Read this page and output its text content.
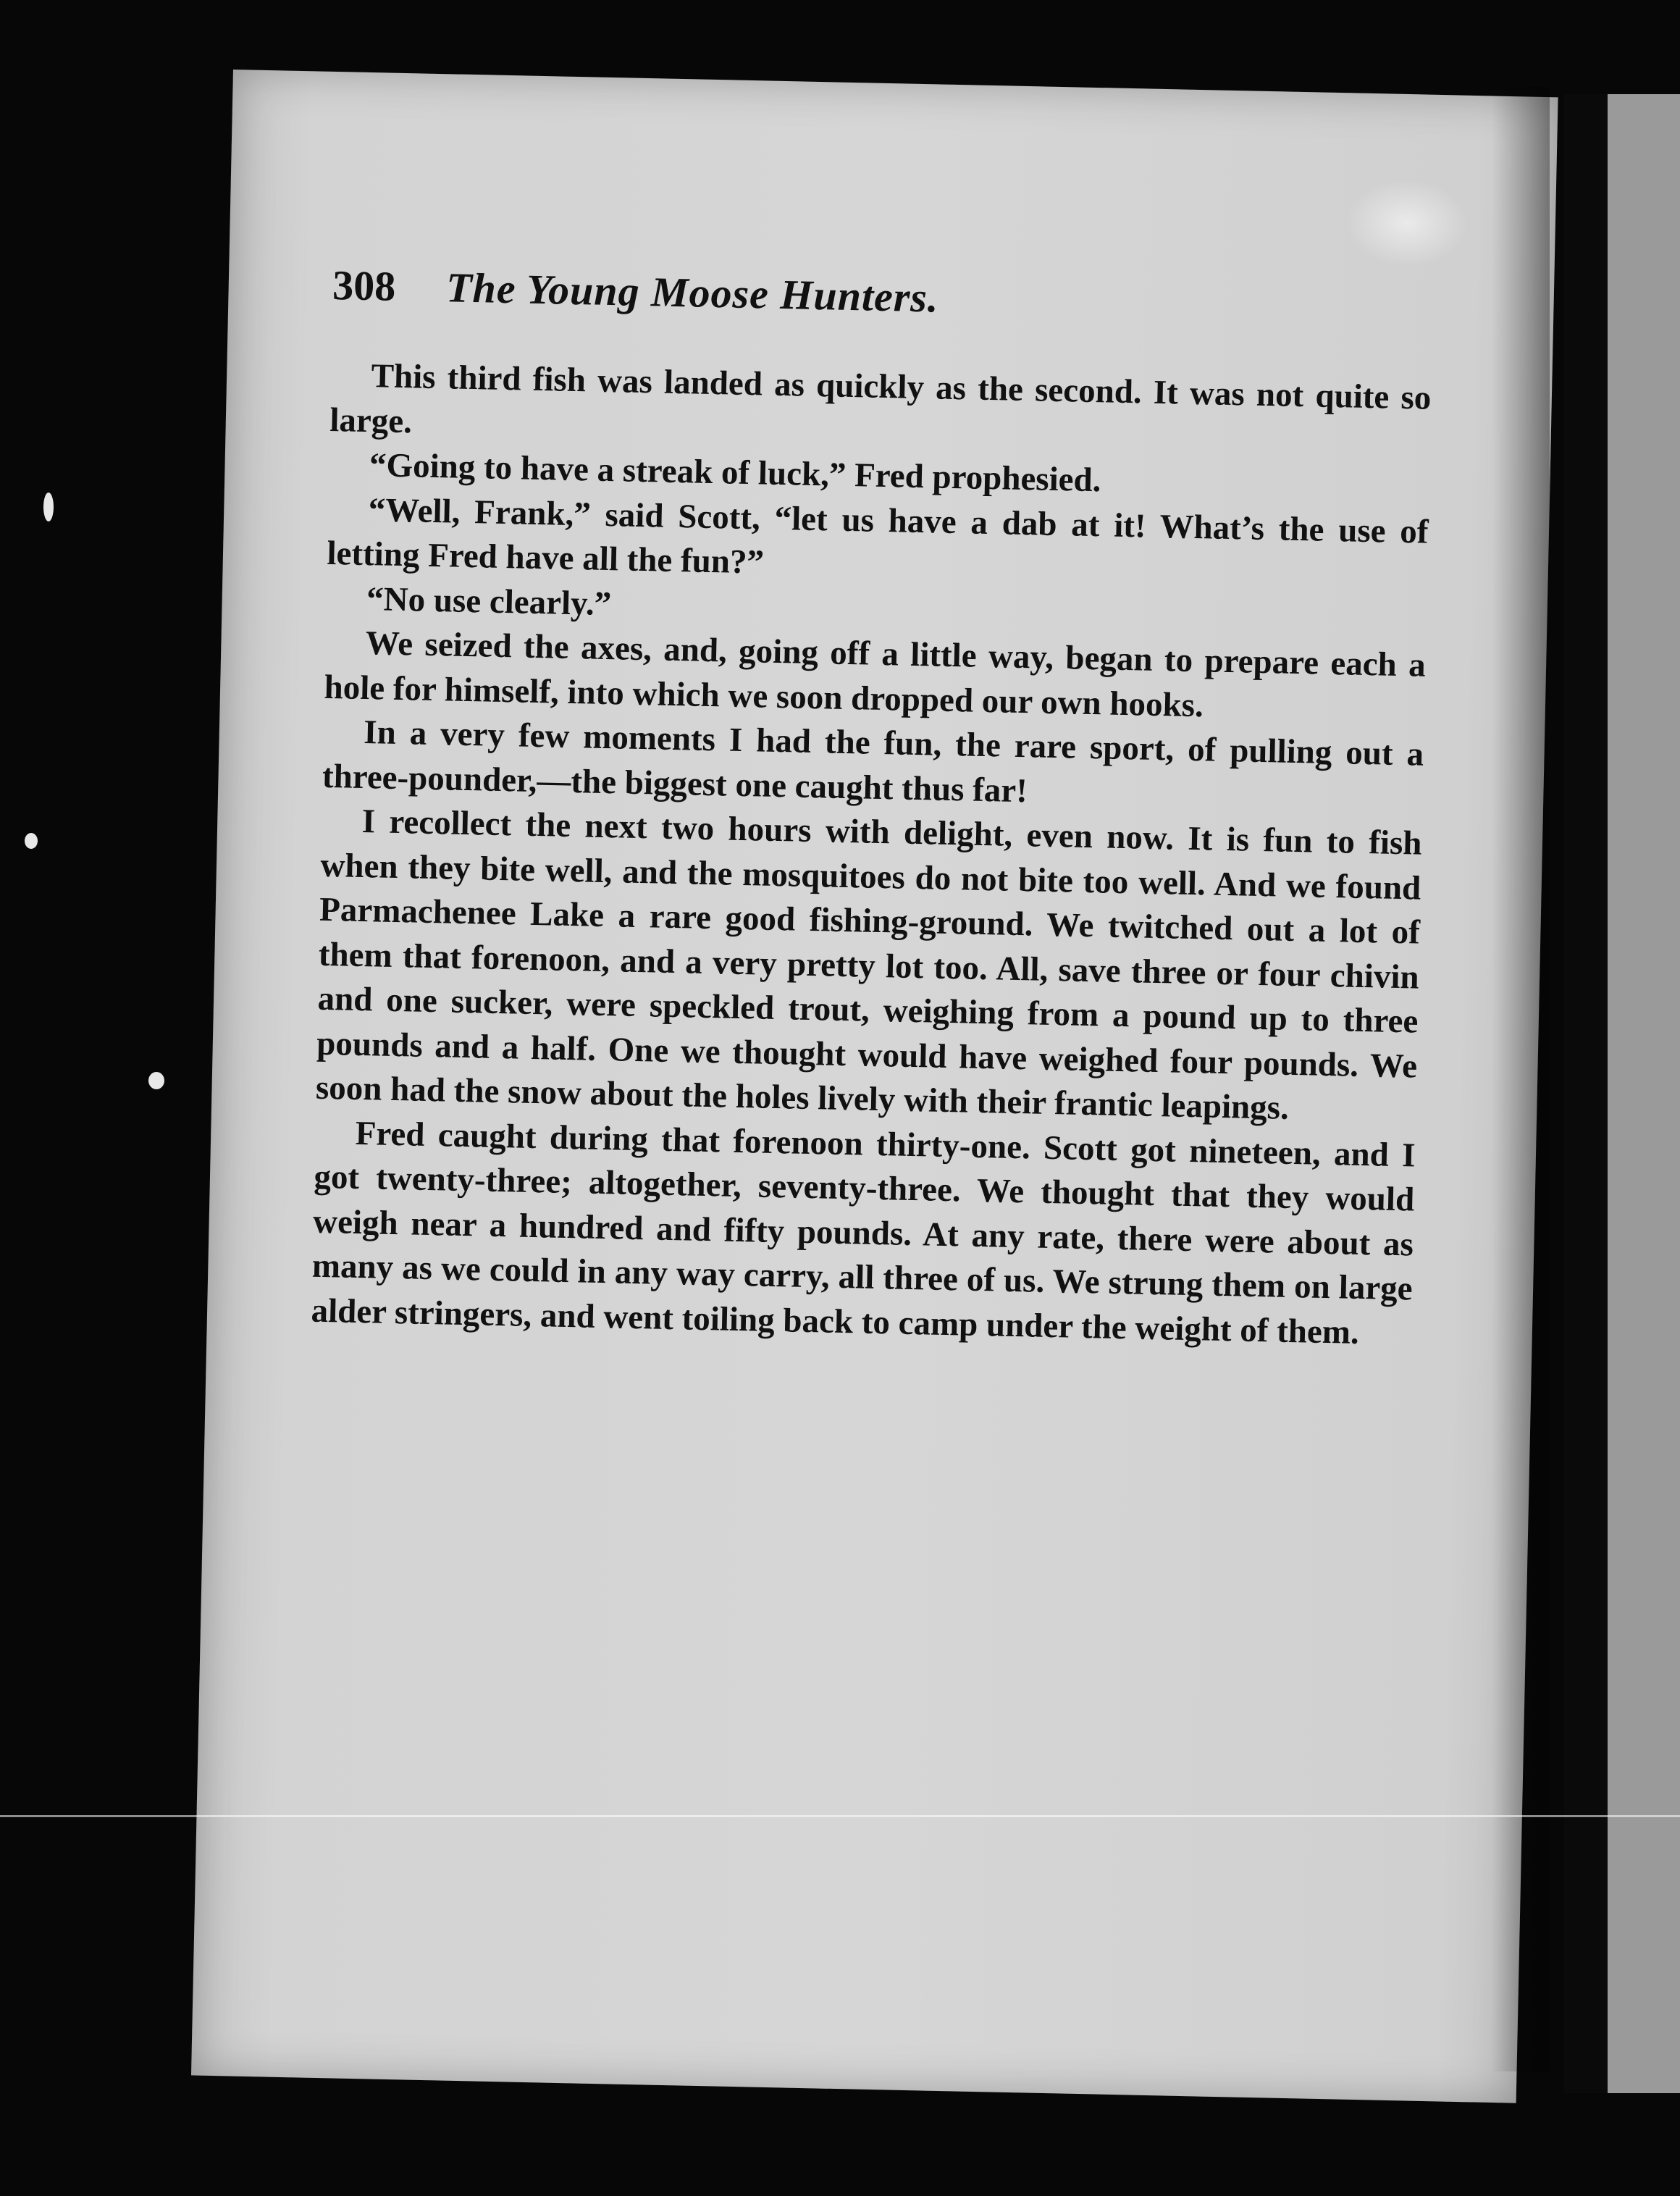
308 The Young Moose Hunters.

This third fish was landed as quickly as the second. It was not quite so large.

“Going to have a streak of luck,” Fred prophesied.

“Well, Frank,” said Scott, “let us have a dab at it! What’s the use of letting Fred have all the fun?”

“No use clearly.”

We seized the axes, and, going off a little way, began to prepare each a hole for himself, into which we soon dropped our own hooks.

In a very few moments I had the fun, the rare sport, of pulling out a three-pounder,—the biggest one caught thus far!

I recollect the next two hours with delight, even now. It is fun to fish when they bite well, and the mosquitoes do not bite too well. And we found Parmachenee Lake a rare good fishing-ground. We twitched out a lot of them that forenoon, and a very pretty lot too. All, save three or four chivin and one sucker, were speckled trout, weighing from a pound up to three pounds and a half. One we thought would have weighed four pounds. We soon had the snow about the holes lively with their frantic leapings.

Fred caught during that forenoon thirty-one. Scott got nineteen, and I got twenty-three; altogether, seventy-three. We thought that they would weigh near a hundred and fifty pounds. At any rate, there were about as many as we could in any way carry, all three of us. We strung them on large alder stringers, and went toiling back to camp under the weight of them.
